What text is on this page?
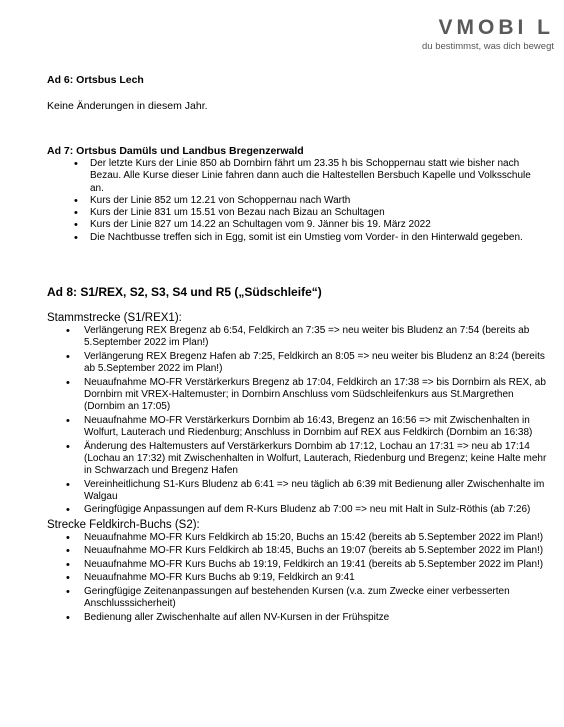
VMOBI L
du bestimmst, was dich bewegt

Ad 6: Ortsbus Lech

Keine Änderungen in diesem Jahr.

Ad 7: Ortsbus Damüls und Landbus Bregenzerwald

• Der letzte Kurs der Linie 850 ab Dornbirn fährt um 23.35 h bis Schoppernau statt wie bisher nach Bezau. Alle Kurse dieser Linie fahren dann auch die Haltestellen Bersbuch Kapelle und Volksschule an.
• Kurs der Linie 852 um 12.21 von Schoppernau nach Warth
• Kurs der Linie 831 um 15.51 von Bezau nach Bizau an Schultagen
• Kurs der Linie 827 um 14.22 an Schultagen vom 9. Jänner bis 19. März 2022
• Die Nachtbusse treffen sich in Egg, somit ist ein Umstieg vom Vorder- in den Hinterwald gegeben.

Ad 8: S1/REX, S2, S3, S4 und R5 („Südschleife“)

Stammstrecke (S1/REX1):

• Verlängerung REX Bregenz ab 6:54, Feldkirch an 7:35 => neu weiter bis Bludenz an 7:54 (bereits ab 5.September 2022 im Plan!)
• Verlängerung REX Bregenz Hafen ab 7:25, Feldkirch an 8:05 => neu weiter bis Bludenz an 8:24 (bereits ab 5.September 2022 im Plan!)
• Neuaufnahme MO-FR Verstärkerkurs Bregenz ab 17:04, Feldkirch an 17:38 => bis Dornbirn als REX, ab Dornbirn mit VREX-Haltemuster; in Dornbirn Anschluss vom Südschleifenkurs aus St.Margrethen (Dornbim an 17:05)
• Neuaufnahme MO-FR Verstärkerkurs Dornbim ab 16:43, Bregenz an 16:56 => mit Zwischenhalten in Wolfurt, Lauterach und Riedenburg; Anschluss in Dornbim auf REX aus Feldkirch (Dornbim an 16:38)
• Änderung des Haltemusters auf Verstärkerkurs Dornbim ab 17:12, Lochau an 17:31 => neu ab 17:14 (Lochau an 17:32) mit Zwischenhalten in Wolfurt, Lauterach, Riedenburg und Bregenz; keine Halte mehr in Schwarzach und Bregenz Hafen
• Vereinheitlichung S1-Kurs Bludenz ab 6:41 => neu täglich ab 6:39 mit Bedienung aller Zwischenhalte im Walgau
• Geringfügige Anpassungen auf dem R-Kurs Bludenz ab 7:00 => neu mit Halt in Sulz-Röthis (ab 7:26)

Strecke Feldkirch-Buchs (S2):

• Neuaufnahme MO-FR Kurs Feldkirch ab 15:20, Buchs an 15:42 (bereits ab 5.September 2022 im Plan!)
• Neuaufnahme MO-FR Kurs Feldkirch ab 18:45, Buchs an 19:07 (bereits ab 5.September 2022 im Plan!)
• Neuaufnahme MO-FR Kurs Buchs ab 19:19, Feldkirch an 19:41 (bereits ab 5.September 2022 im Plan!)
• Neuaufnahme MO-FR Kurs Buchs ab 9:19, Feldkirch an 9:41
• Geringfügige Zeitenanpassungen auf bestehenden Kursen (v.a. zum Zwecke einer verbesserten Anschlusssicherheit)
• Bedienung aller Zwischenhalte auf allen NV-Kursen in der Frühspitze
